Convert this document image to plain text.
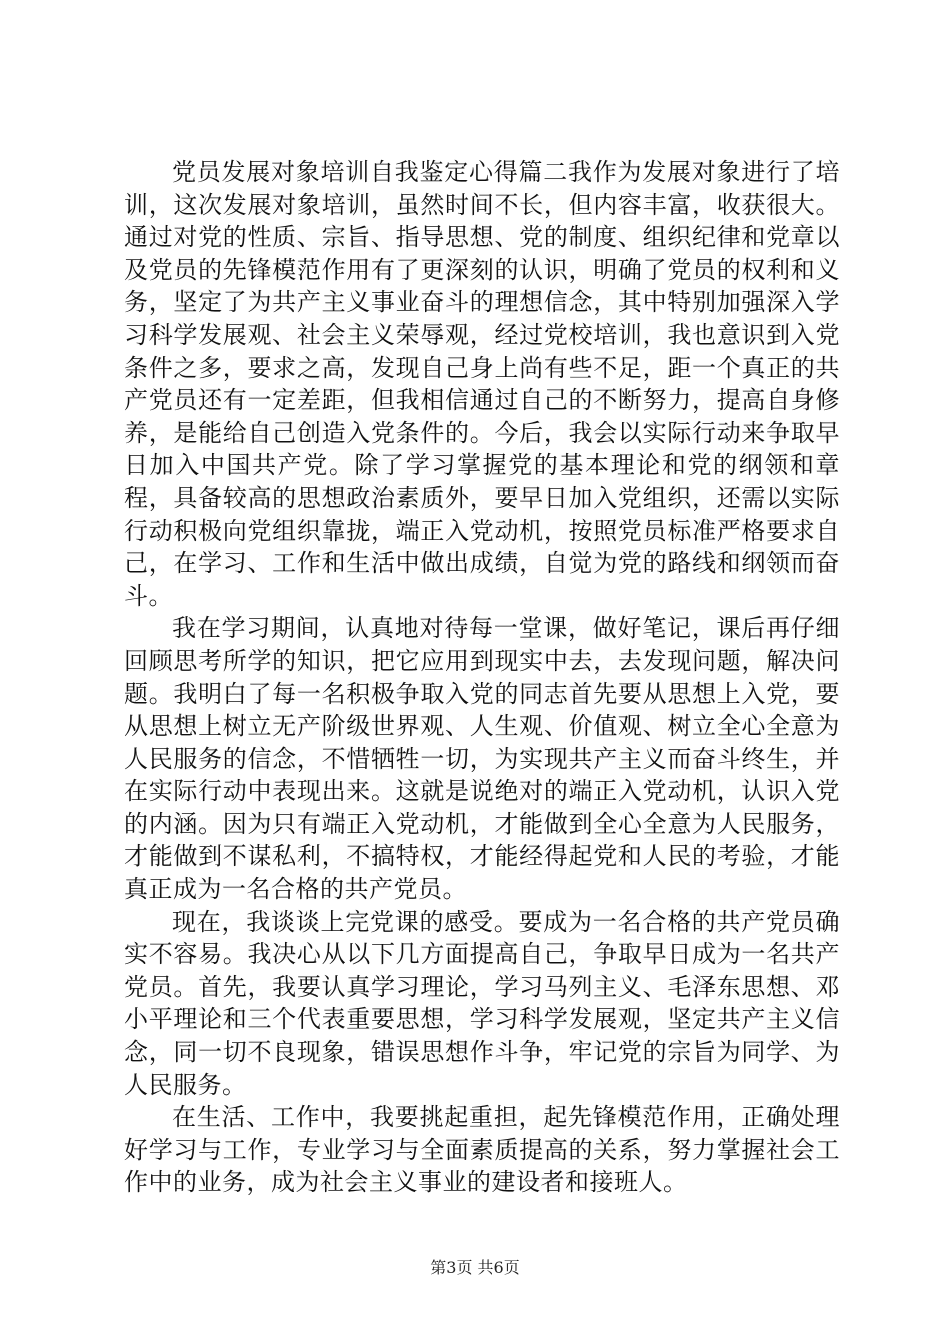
党员发展对象培训自我鉴定心得篇二我作为发展对象进行了培训，这次发展对象培训，虽然时间不长，但内容丰富，收获很大。通过对党的性质、宗旨、指导思想、党的制度、组织纪律和党章以及党员的先锋模范作用有了更深刻的认识，明确了党员的权利和义务，坚定了为共产主义事业奋斗的理想信念，其中特别加强深入学习科学发展观、社会主义荣辱观，经过党校培训，我也意识到入党条件之多，要求之高，发现自己身上尚有些不足，距一个真正的共产党员还有一定差距，但我相信通过自己的不断努力，提高自身修养，是能给自己创造入党条件的。今后，我会以实际行动来争取早日加入中国共产党。除了学习掌握党的基本理论和党的纲领和章程，具备较高的思想政治素质外，要早日加入党组织，还需以实际行动积极向党组织靠拢，端正入党动机，按照党员标准严格要求自己，在学习、工作和生活中做出成绩，自觉为党的路线和纲领而奋斗。

我在学习期间，认真地对待每一堂课，做好笔记，课后再仔细回顾思考所学的知识，把它应用到现实中去，去发现问题，解决问题。我明白了每一名积极争取入党的同志首先要从思想上入党，要从思想上树立无产阶级世界观、人生观、价值观、树立全心全意为人民服务的信念，不惜牺牲一切，为实现共产主义而奋斗终生，并在实际行动中表现出来。这就是说绝对的端正入党动机，认识入党的内涵。因为只有端正入党动机，才能做到全心全意为人民服务，才能做到不谋私利，不搞特权，才能经得起党和人民的考验，才能真正成为一名合格的共产党员。

现在，我谈谈上完党课的感受。要成为一名合格的共产党员确实不容易。我决心从以下几方面提高自己，争取早日成为一名共产党员。首先，我要认真学习理论，学习马列主义、毛泽东思想、邓小平理论和三个代表重要思想，学习科学发展观，坚定共产主义信念，同一切不良现象，错误思想作斗争，牢记党的宗旨为同学、为人民服务。

在生活、工作中，我要挑起重担，起先锋模范作用，正确处理好学习与工作，专业学习与全面素质提高的关系，努力掌握社会工作中的业务，成为社会主义事业的建设者和接班人。

第3页 共6页
